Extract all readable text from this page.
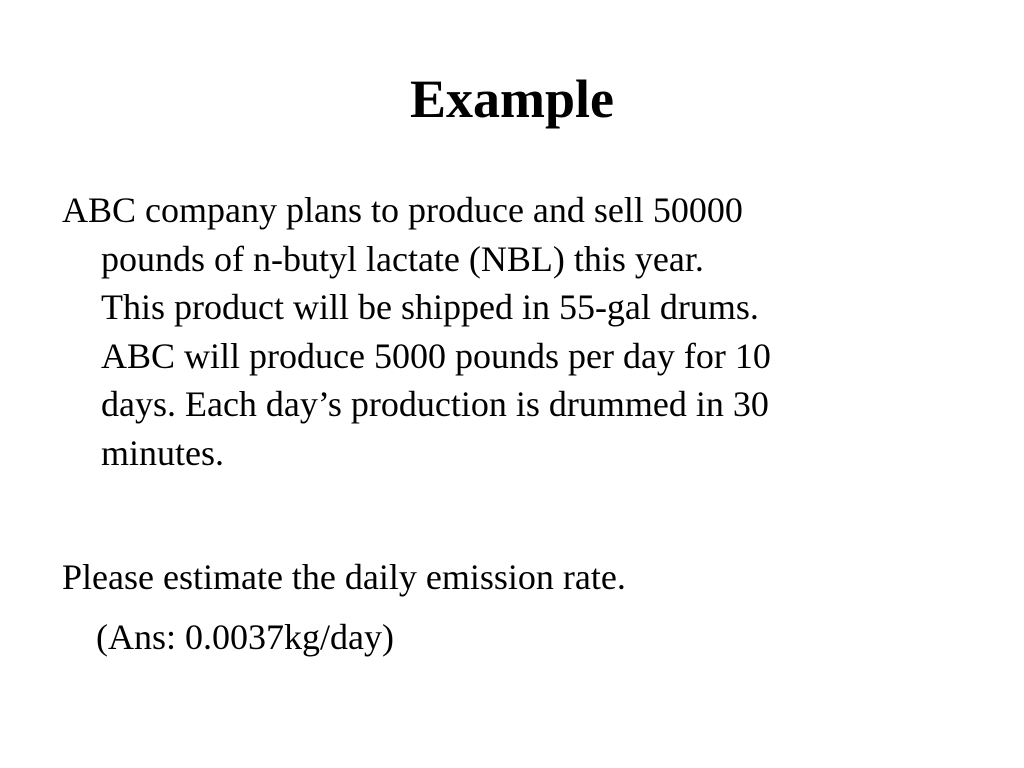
Example

ABC company plans to produce and sell 50000
pounds of n-butyl lactate (NBL) this year.
This product will be shipped in 55-gal drums.
ABC will produce 5000 pounds per day for 10
days. Each day’s production is drummed in 30
minutes.

Please estimate the daily emission rate.

(Ans: 0.0037kg/day)
